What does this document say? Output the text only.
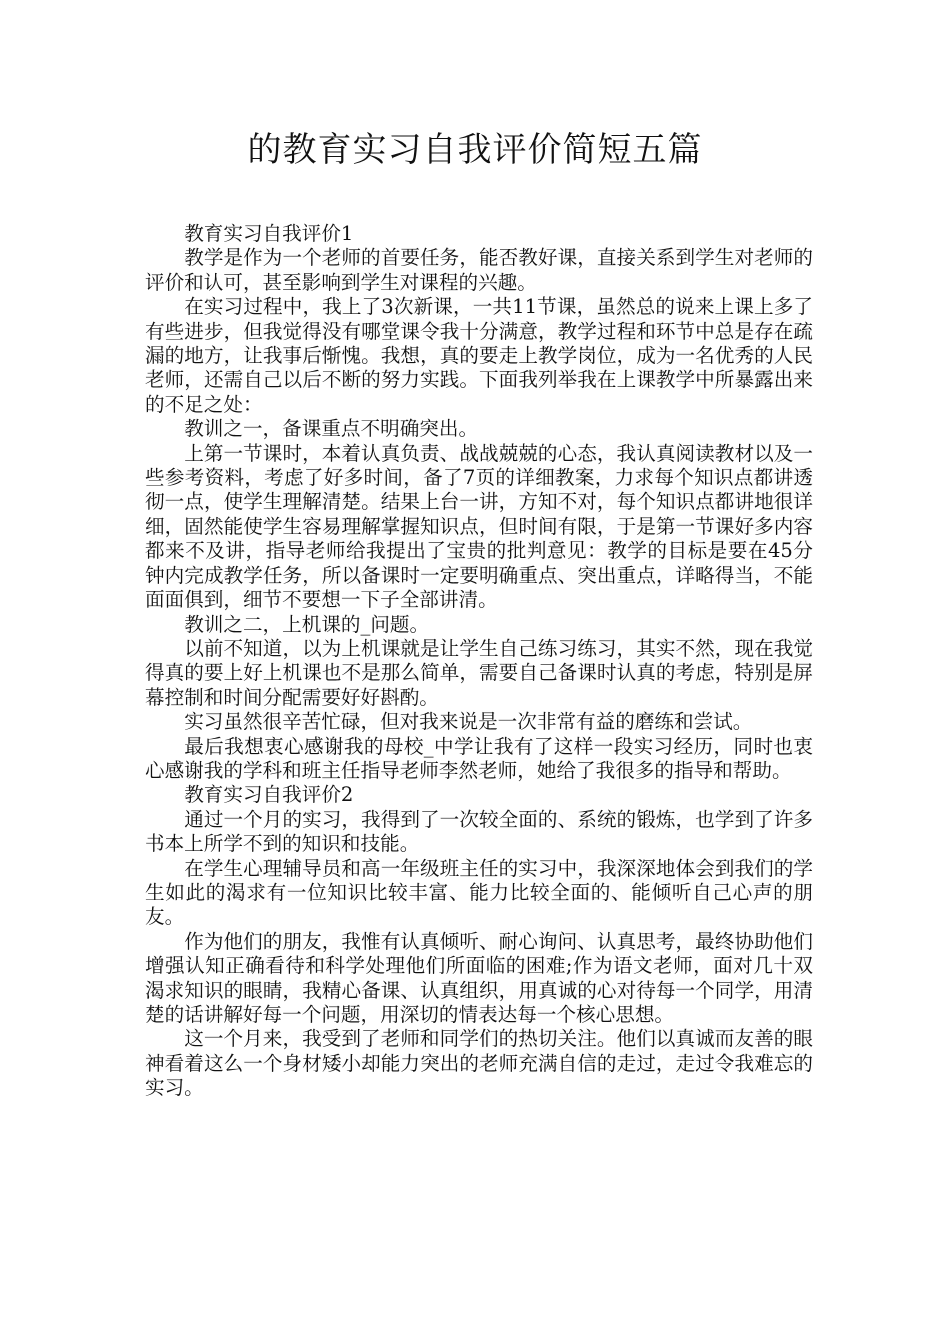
的教育实习自我评价简短五篇

教育实习自我评价1

教学是作为一个老师的首要任务，能否教好课，直接关系到学生对老师的评价和认可，甚至影响到学生对课程的兴趣。

在实习过程中，我上了3次新课，一共11节课，虽然总的说来上课上多了有些进步，但我觉得没有哪堂课令我十分满意，教学过程和环节中总是存在疏漏的地方，让我事后惭愧。我想，真的要走上教学岗位，成为一名优秀的人民老师，还需自己以后不断的努力实践。下面我列举我在上课教学中所暴露出来的不足之处：

教训之一，备课重点不明确突出。

上第一节课时，本着认真负责、战战兢兢的心态，我认真阅读教材以及一些参考资料，考虑了好多时间，备了7页的详细教案，力求每个知识点都讲透彻一点，使学生理解清楚。结果上台一讲，方知不对，每个知识点都讲地很详细，固然能使学生容易理解掌握知识点，但时间有限，于是第一节课好多内容都来不及讲，指导老师给我提出了宝贵的批判意见：教学的目标是要在45分钟内完成教学任务，所以备课时一定要明确重点、突出重点，详略得当，不能面面俱到，细节不要想一下子全部讲清。

教训之二，上机课的_问题。

以前不知道，以为上机课就是让学生自己练习练习，其实不然，现在我觉得真的要上好上机课也不是那么简单，需要自己备课时认真的考虑，特别是屏幕控制和时间分配需要好好斟酌。

实习虽然很辛苦忙碌，但对我来说是一次非常有益的磨练和尝试。

最后我想衷心感谢我的母校_中学让我有了这样一段实习经历，同时也衷心感谢我的学科和班主任指导老师李然老师，她给了我很多的指导和帮助。

教育实习自我评价2

通过一个月的实习，我得到了一次较全面的、系统的锻炼，也学到了许多书本上所学不到的知识和技能。

在学生心理辅导员和高一年级班主任的实习中，我深深地体会到我们的学生如此的渴求有一位知识比较丰富、能力比较全面的、能倾听自己心声的朋友。

作为他们的朋友，我惟有认真倾听、耐心询问、认真思考，最终协助他们增强认知正确看待和科学处理他们所面临的困难;作为语文老师，面对几十双渴求知识的眼睛，我精心备课、认真组织，用真诚的心对待每一个同学，用清楚的话讲解好每一个问题，用深切的情表达每一个核心思想。

这一个月来，我受到了老师和同学们的热切关注。他们以真诚而友善的眼神看着这么一个身材矮小却能力突出的老师充满自信的走过，走过令我难忘的实习。
